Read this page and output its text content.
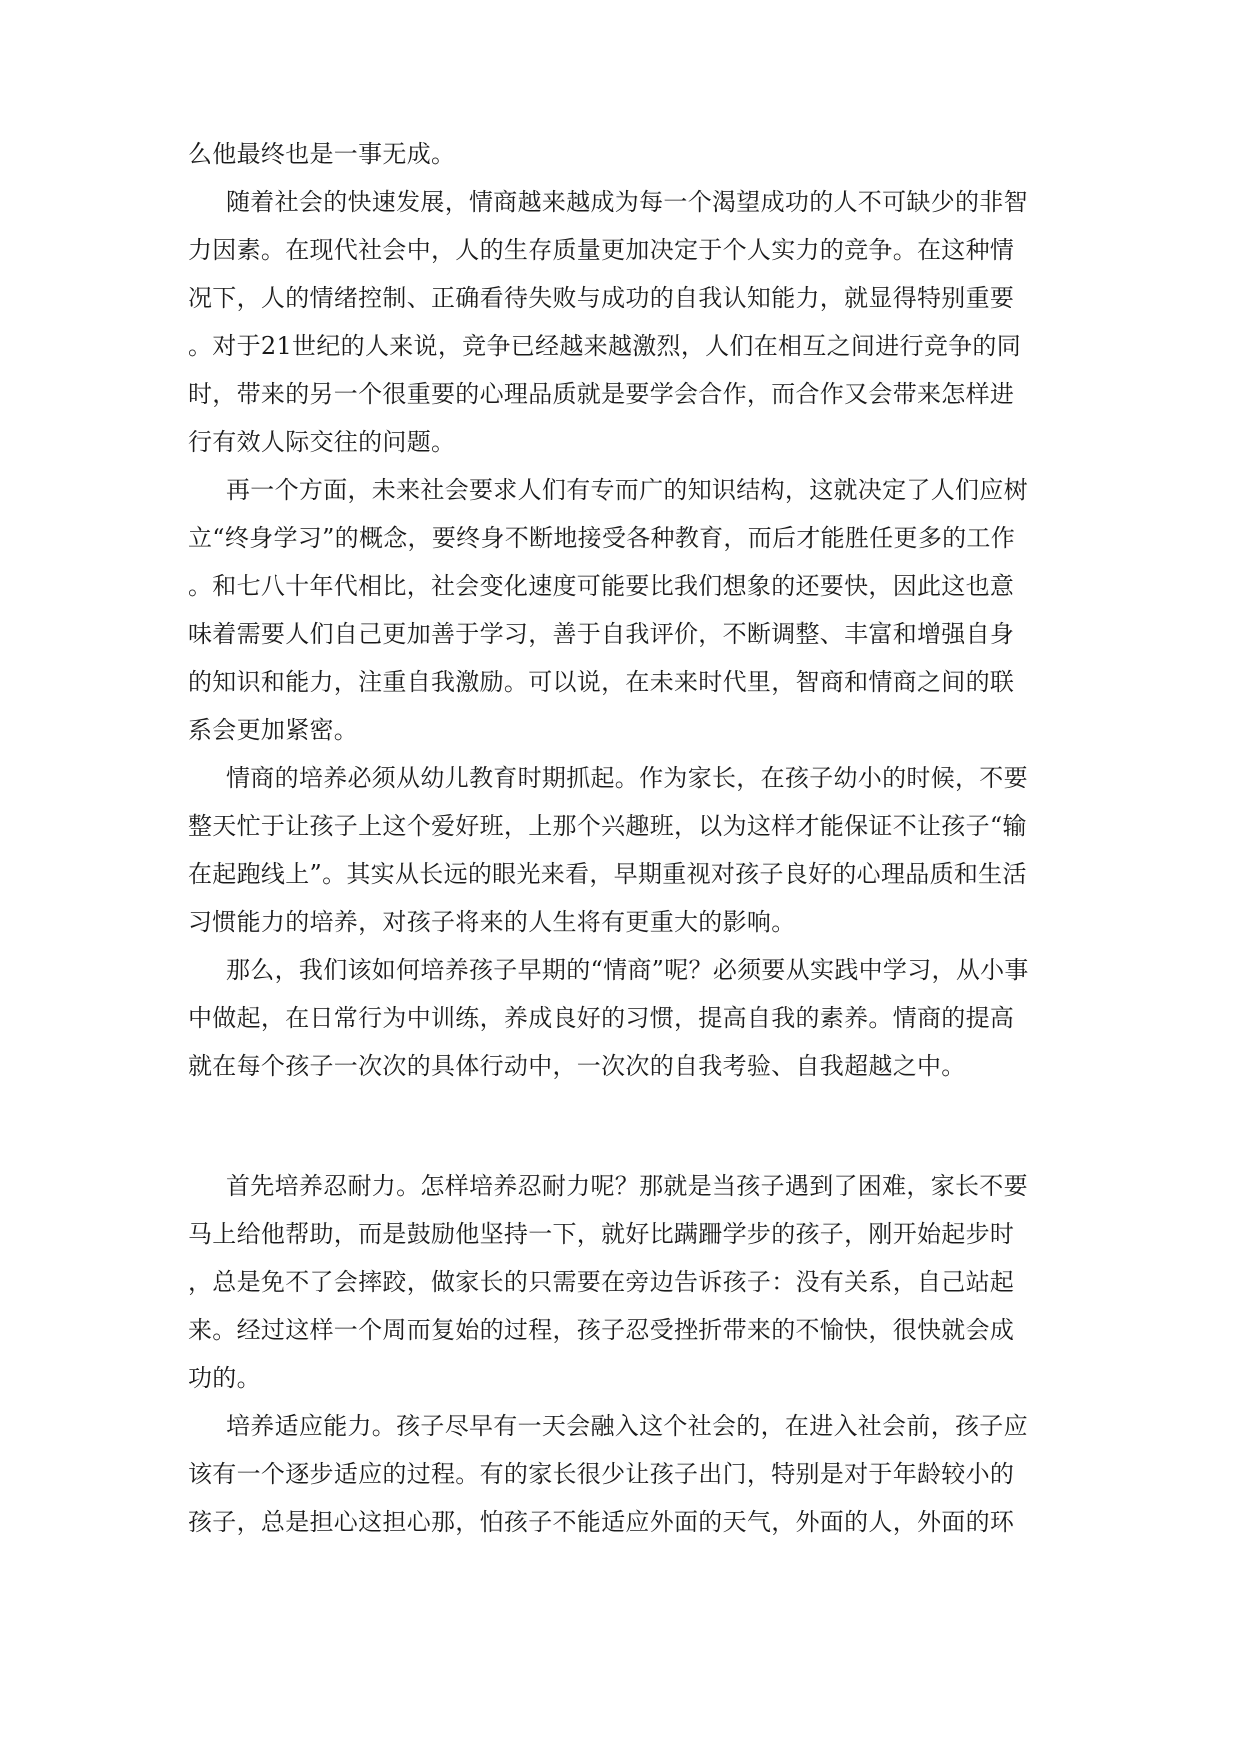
么他最终也是一事无成。
随着社会的快速发展，情商越来越成为每一个渴望成功的人不可缺少的非智
力因素。在现代社会中，人的生存质量更加决定于个人实力的竞争。在这种情
况下，人的情绪控制、正确看待失败与成功的自我认知能力，就显得特别重要
。对于21世纪的人来说，竞争已经越来越激烈，人们在相互之间进行竞争的同
时，带来的另一个很重要的心理品质就是要学会合作，而合作又会带来怎样进
行有效人际交往的问题。
再一个方面，未来社会要求人们有专而广的知识结构，这就决定了人们应树
立“终身学习”的概念，要终身不断地接受各种教育，而后才能胜任更多的工作
。和七八十年代相比，社会变化速度可能要比我们想象的还要快，因此这也意
味着需要人们自己更加善于学习，善于自我评价，不断调整、丰富和增强自身
的知识和能力，注重自我激励。可以说，在未来时代里，智商和情商之间的联
系会更加紧密。
情商的培养必须从幼儿教育时期抓起。作为家长，在孩子幼小的时候，不要
整天忙于让孩子上这个爱好班，上那个兴趣班，以为这样才能保证不让孩子“输
在起跑线上”。其实从长远的眼光来看，早期重视对孩子良好的心理品质和生活
习惯能力的培养，对孩子将来的人生将有更重大的影响。
那么，我们该如何培养孩子早期的“情商”呢？必须要从实践中学习，从小事
中做起，在日常行为中训练，养成良好的习惯，提高自我的素养。情商的提高
就在每个孩子一次次的具体行动中，一次次的自我考验、自我超越之中。
首先培养忍耐力。怎样培养忍耐力呢？那就是当孩子遇到了困难，家长不要
马上给他帮助，而是鼓励他坚持一下，就好比蹒跚学步的孩子，刚开始起步时
，总是免不了会摔跤，做家长的只需要在旁边告诉孩子：没有关系，自己站起
来。经过这样一个周而复始的过程，孩子忍受挫折带来的不愉快，很快就会成
功的。
培养适应能力。孩子尽早有一天会融入这个社会的，在进入社会前，孩子应
该有一个逐步适应的过程。有的家长很少让孩子出门，特别是对于年龄较小的
孩子，总是担心这担心那，怕孩子不能适应外面的天气，外面的人，外面的环
